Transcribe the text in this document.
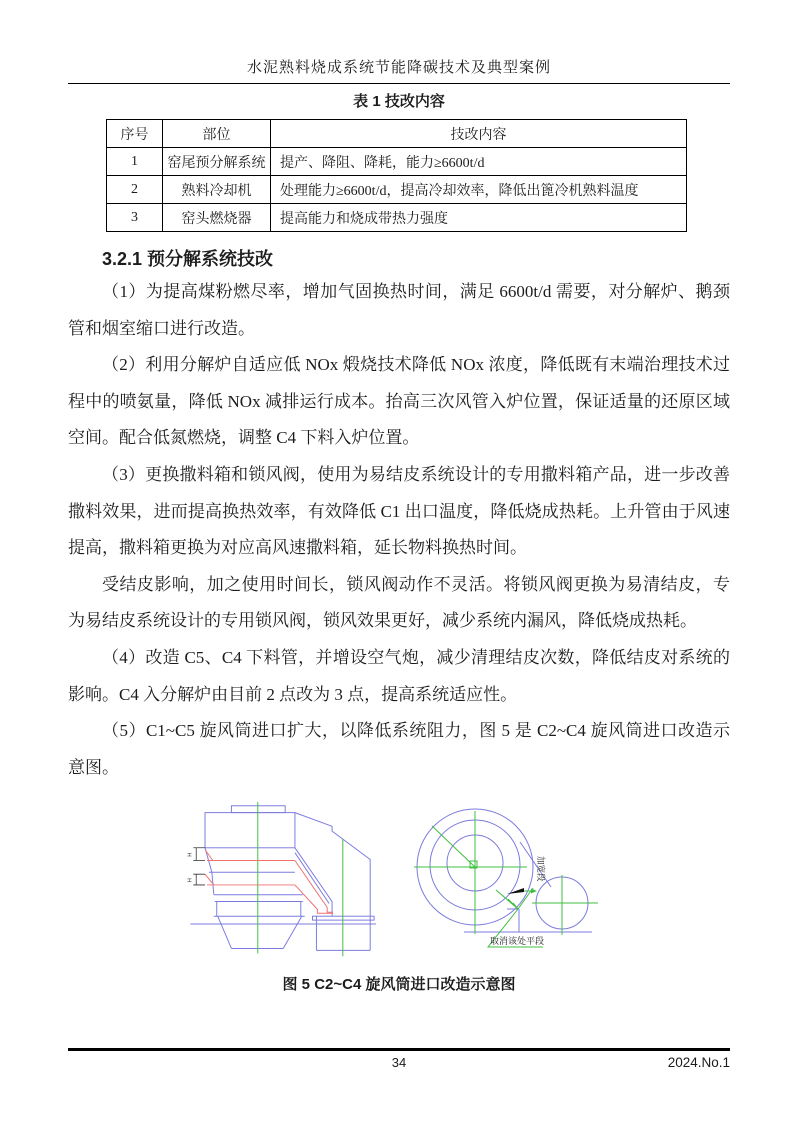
水泥熟料烧成系统节能降碳技术及典型案例
表 1 技改内容
序号	部位	技改内容
1	窑尾预分解系统	提产、降阻、降耗，能力≥6600t/d
2	熟料冷却机	处理能力≥6600t/d，提高冷却效率，降低出篦冷机熟料温度
3	窑头燃烧器	提高能力和烧成带热力强度
3.2.1 预分解系统技改

（1）为提高煤粉燃尽率，增加气固换热时间，满足 6600t/d 需要，对分解炉、鹅颈管和烟室缩口进行改造。

（2）利用分解炉自适应低 NOx 煅烧技术降低 NOx 浓度，降低既有末端治理技术过程中的喷氨量，降低 NOx 减排运行成本。抬高三次风管入炉位置，保证适量的还原区域空间。配合低氮燃烧，调整 C4 下料入炉位置。

（3）更换撒料箱和锁风阀，使用为易结皮系统设计的专用撒料箱产品，进一步改善撒料效果，进而提高换热效率，有效降低 C1 出口温度，降低烧成热耗。上升管由于风速提高，撒料箱更换为对应高风速撒料箱，延长物料换热时间。

受结皮影响，加之使用时间长，锁风阀动作不灵活。将锁风阀更换为易清结皮，专为易结皮系统设计的专用锁风阀，锁风效果更好，减少系统内漏风，降低烧成热耗。

（4）改造 C5、C4 下料管，并增设空气炮，减少清理结皮次数，降低结皮对系统的影响。C4 入分解炉由目前 2 点改为 3 点，提高系统适应性。

（5）C1~C5 旋风筒进口扩大，以降低系统阻力，图 5 是 C2~C4 旋风筒进口改造示意图。

H
H	加宽段
取消该处平段
图 5 C2~C4 旋风筒进口改造示意图
34	2024.No.1
